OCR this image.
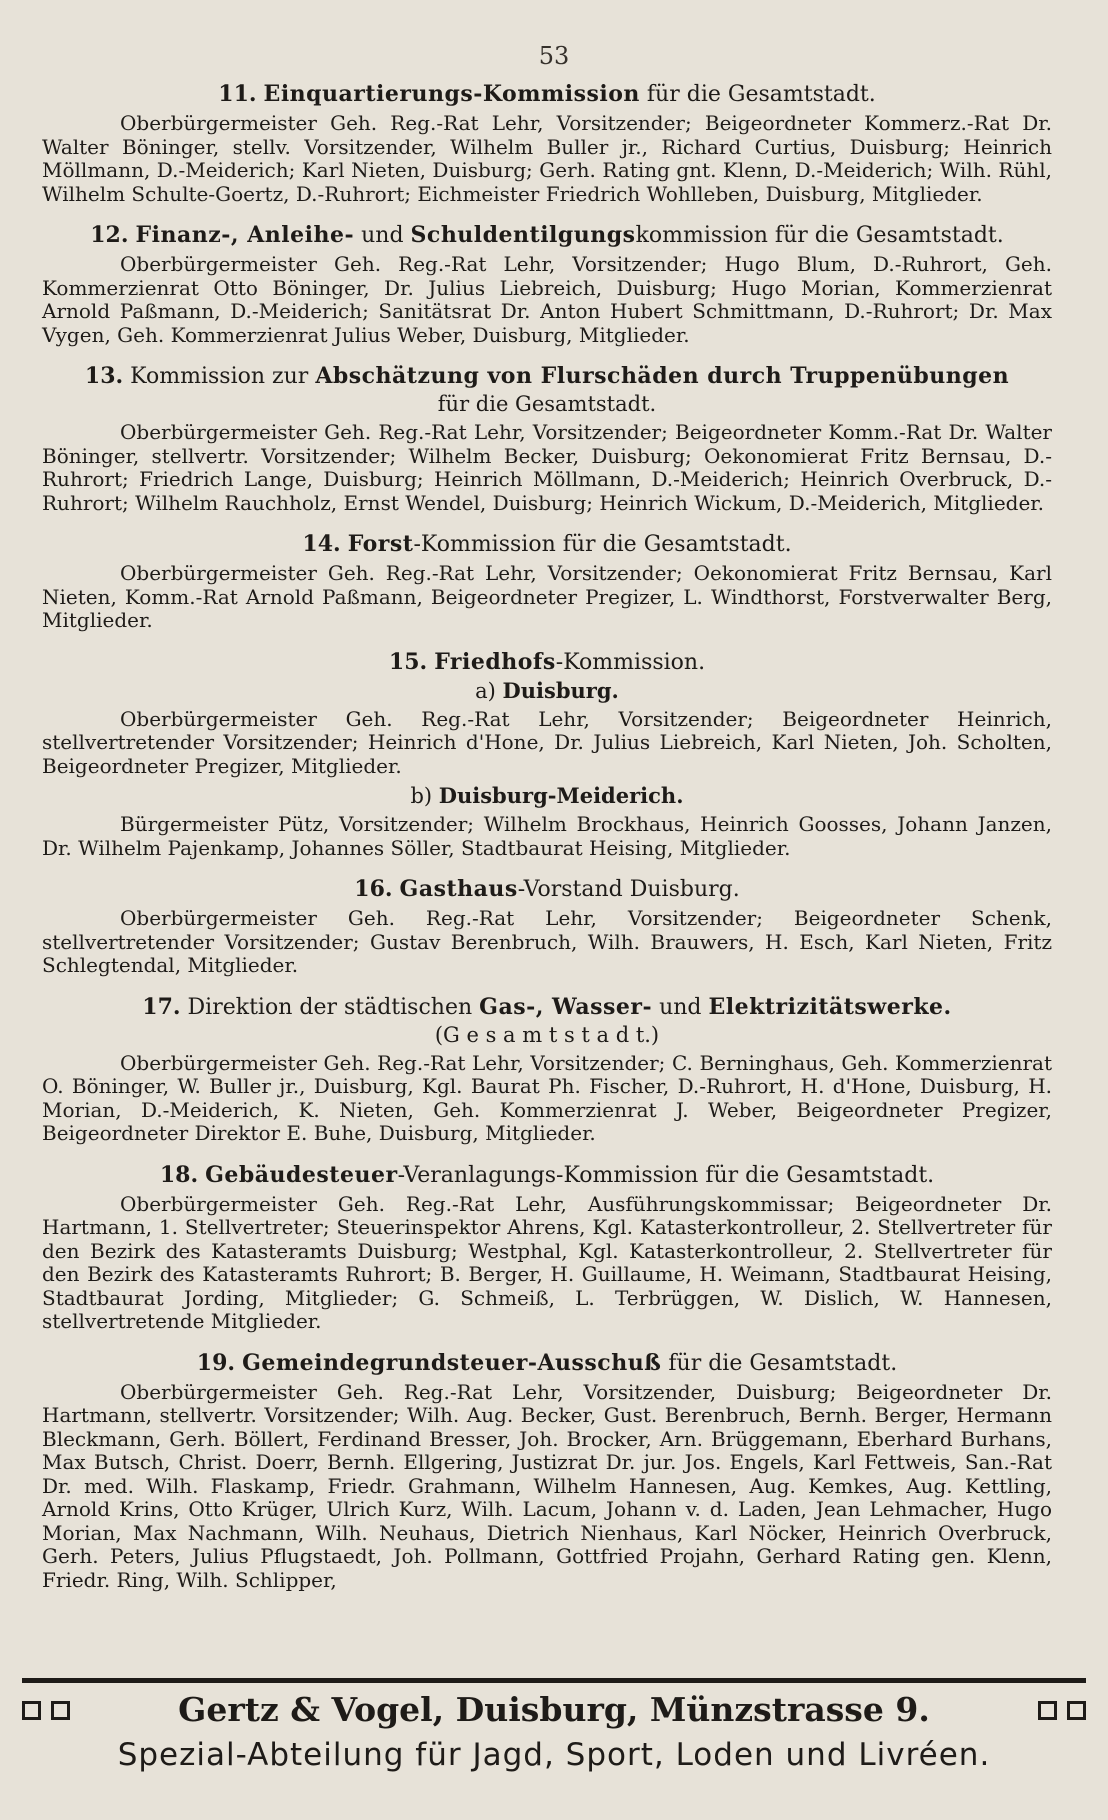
53
11. Einquartierungs-Kommission für die Gesamtstadt.

Oberbürgermeister Geh. Reg.-Rat Lehr, Vorsitzender; Beigeordneter Kommerz.-Rat Dr. Walter Böninger, stellv. Vorsitzender, Wilhelm Buller jr., Richard Curtius, Duisburg; Heinrich Möllmann, D.-Meiderich; Karl Nieten, Duisburg; Gerh. Rating gnt. Klenn, D.-Meiderich; Wilh. Rühl, Wilhelm Schulte-Goertz, D.-Ruhrort; Eichmeister Friedrich Wohlleben, Duisburg, Mitglieder.

12. Finanz-, Anleihe- und Schuldentilgungskommission für die Gesamtstadt.

Oberbürgermeister Geh. Reg.-Rat Lehr, Vorsitzender; Hugo Blum, D.-Ruhrort, Geh. Kommerzienrat Otto Böninger, Dr. Julius Liebreich, Duisburg; Hugo Morian, Kommerzienrat Arnold Paßmann, D.-Meiderich; Sanitätsrat Dr. Anton Hubert Schmittmann, D.-Ruhrort; Dr. Max Vygen, Geh. Kommerzienrat Julius Weber, Duisburg, Mitglieder.

13. Kommission zur Abschätzung von Flurschäden durch Truppenübungen
für die Gesamtstadt.

Oberbürgermeister Geh. Reg.-Rat Lehr, Vorsitzender; Beigeordneter Komm.-Rat Dr. Walter Böninger, stellvertr. Vorsitzender; Wilhelm Becker, Duisburg; Oekonomierat Fritz Bernsau, D.-Ruhrort; Friedrich Lange, Duisburg; Heinrich Möllmann, D.-Meiderich; Heinrich Overbruck, D.-Ruhrort; Wilhelm Rauchholz, Ernst Wendel, Duisburg; Heinrich Wickum, D.-Meiderich, Mitglieder.

14. Forst-Kommission für die Gesamtstadt.

Oberbürgermeister Geh. Reg.-Rat Lehr, Vorsitzender; Oekonomierat Fritz Bernsau, Karl Nieten, Komm.-Rat Arnold Paßmann, Beigeordneter Pregizer, L. Windthorst, Forstverwalter Berg, Mitglieder.

15. Friedhofs-Kommission.
a) Duisburg.

Oberbürgermeister Geh. Reg.-Rat Lehr, Vorsitzender; Beigeordneter Heinrich, stellvertretender Vorsitzender; Heinrich d'Hone, Dr. Julius Liebreich, Karl Nieten, Joh. Scholten, Beigeordneter Pregizer, Mitglieder.

b) Duisburg-Meiderich.

Bürgermeister Pütz, Vorsitzender; Wilhelm Brockhaus, Heinrich Goosses, Johann Janzen, Dr. Wilhelm Pajenkamp, Johannes Söller, Stadtbaurat Heising, Mitglieder.

16. Gasthaus-Vorstand Duisburg.

Oberbürgermeister Geh. Reg.-Rat Lehr, Vorsitzender; Beigeordneter Schenk, stellvertretender Vorsitzender; Gustav Berenbruch, Wilh. Brauwers, H. Esch, Karl Nieten, Fritz Schlegtendal, Mitglieder.

17. Direktion der städtischen Gas-, Wasser- und Elektrizitätswerke.
(G e s a m t s t a d t.)

Oberbürgermeister Geh. Reg.-Rat Lehr, Vorsitzender; C. Berninghaus, Geh. Kommerzienrat O. Böninger, W. Buller jr., Duisburg, Kgl. Baurat Ph. Fischer, D.-Ruhrort, H. d'Hone, Duisburg, H. Morian, D.-Meiderich, K. Nieten, Geh. Kommerzienrat J. Weber, Beigeordneter Pregizer, Beigeordneter Direktor E. Buhe, Duisburg, Mitglieder.

18. Gebäudesteuer-Veranlagungs-Kommission für die Gesamtstadt.

Oberbürgermeister Geh. Reg.-Rat Lehr, Ausführungskommissar; Beigeordneter Dr. Hartmann, 1. Stellvertreter; Steuerinspektor Ahrens, Kgl. Katasterkontrolleur, 2. Stellvertreter für den Bezirk des Katasteramts Duisburg; Westphal, Kgl. Katasterkontrolleur, 2. Stellvertreter für den Bezirk des Katasteramts Ruhrort; B. Berger, H. Guillaume, H. Weimann, Stadtbaurat Heising, Stadtbaurat Jording, Mitglieder; G. Schmeiß, L. Terbrüggen, W. Dislich, W. Hannesen, stellvertretende Mitglieder.

19. Gemeindegrundsteuer-Ausschuß für die Gesamtstadt.

Oberbürgermeister Geh. Reg.-Rat Lehr, Vorsitzender, Duisburg; Beigeordneter Dr. Hartmann, stellvertr. Vorsitzender; Wilh. Aug. Becker, Gust. Berenbruch, Bernh. Berger, Hermann Bleckmann, Gerh. Böllert, Ferdinand Bresser, Joh. Brocker, Arn. Brüggemann, Eberhard Burhans, Max Butsch, Christ. Doerr, Bernh. Ellgering, Justizrat Dr. jur. Jos. Engels, Karl Fettweis, San.-Rat Dr. med. Wilh. Flaskamp, Friedr. Grahmann, Wilhelm Hannesen, Aug. Kemkes, Aug. Kettling, Arnold Krins, Otto Krüger, Ulrich Kurz, Wilh. Lacum, Johann v. d. Laden, Jean Lehmacher, Hugo Morian, Max Nachmann, Wilh. Neuhaus, Dietrich Nienhaus, Karl Nöcker, Heinrich Overbruck, Gerh. Peters, Julius Pflugstaedt, Joh. Pollmann, Gottfried Projahn, Gerhard Rating gen. Klenn, Friedr. Ring, Wilh. Schlipper,

Gertz & Vogel, Duisburg, Münzstrasse 9.
Spezial-Abteilung für Jagd, Sport, Loden und Livréen.
